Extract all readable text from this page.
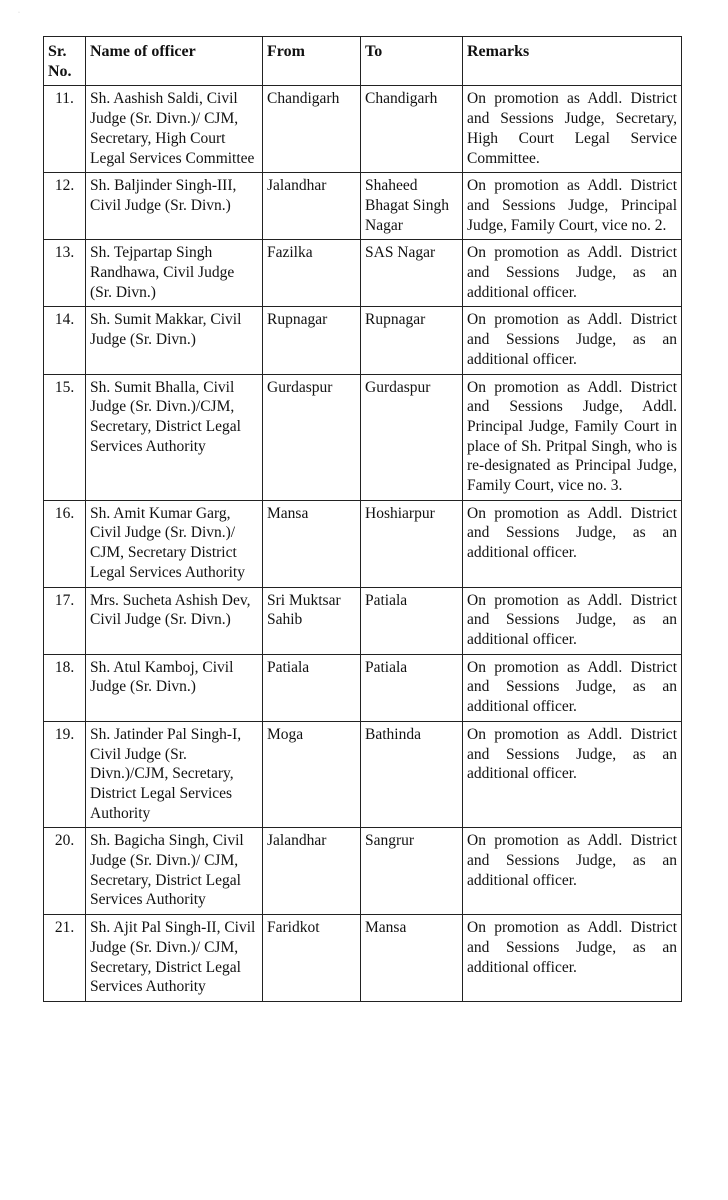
·
Sr. No.	Name of officer	From	To	Remarks
11.	Sh. Aashish Saldi, Civil Judge (Sr. Divn.)/ CJM, Secretary, High Court Legal Services Committee	Chandigarh	Chandigarh	On promotion as Addl. District and Sessions Judge, Secretary, High Court Legal Service Committee.
12.	Sh. Baljinder Singh-III, Civil Judge (Sr. Divn.)	Jalandhar	Shaheed Bhagat Singh Nagar	On promotion as Addl. District and Sessions Judge, Principal Judge, Family Court, vice no. 2.
13.	Sh. Tejpartap Singh Randhawa, Civil Judge (Sr. Divn.)	Fazilka	SAS Nagar	On promotion as Addl. District and Sessions Judge, as an additional officer.
14.	Sh. Sumit Makkar, Civil Judge (Sr. Divn.)	Rupnagar	Rupnagar	On promotion as Addl. District and Sessions Judge, as an additional officer.
15.	Sh. Sumit Bhalla, Civil Judge (Sr. Divn.)/CJM, Secretary, District Legal Services Authority	Gurdaspur	Gurdaspur	On promotion as Addl. District and Sessions Judge, Addl. Principal Judge, Family Court in place of Sh. Pritpal Singh, who is re-designated as Principal Judge, Family Court, vice no. 3.
16.	Sh. Amit Kumar Garg, Civil Judge (Sr. Divn.)/ CJM, Secretary District Legal Services Authority	Mansa	Hoshiarpur	On promotion as Addl. District and Sessions Judge, as an additional officer.
17.	Mrs. Sucheta Ashish Dev, Civil Judge (Sr. Divn.)	Sri Muktsar Sahib	Patiala	On promotion as Addl. District and Sessions Judge, as an additional officer.
18.	Sh. Atul Kamboj, Civil Judge (Sr. Divn.)	Patiala	Patiala	On promotion as Addl. District and Sessions Judge, as an additional officer.
19.	Sh. Jatinder Pal Singh-I, Civil Judge (Sr. Divn.)/CJM, Secretary, District Legal Services Authority	Moga	Bathinda	On promotion as Addl. District and Sessions Judge, as an additional officer.
20.	Sh. Bagicha Singh, Civil Judge (Sr. Divn.)/ CJM, Secretary, District Legal Services Authority	Jalandhar	Sangrur	On promotion as Addl. District and Sessions Judge, as an additional officer.
21.	Sh. Ajit Pal Singh-II, Civil Judge (Sr. Divn.)/ CJM, Secretary, District Legal Services Authority	Faridkot	Mansa	On promotion as Addl. District and Sessions Judge, as an additional officer.
